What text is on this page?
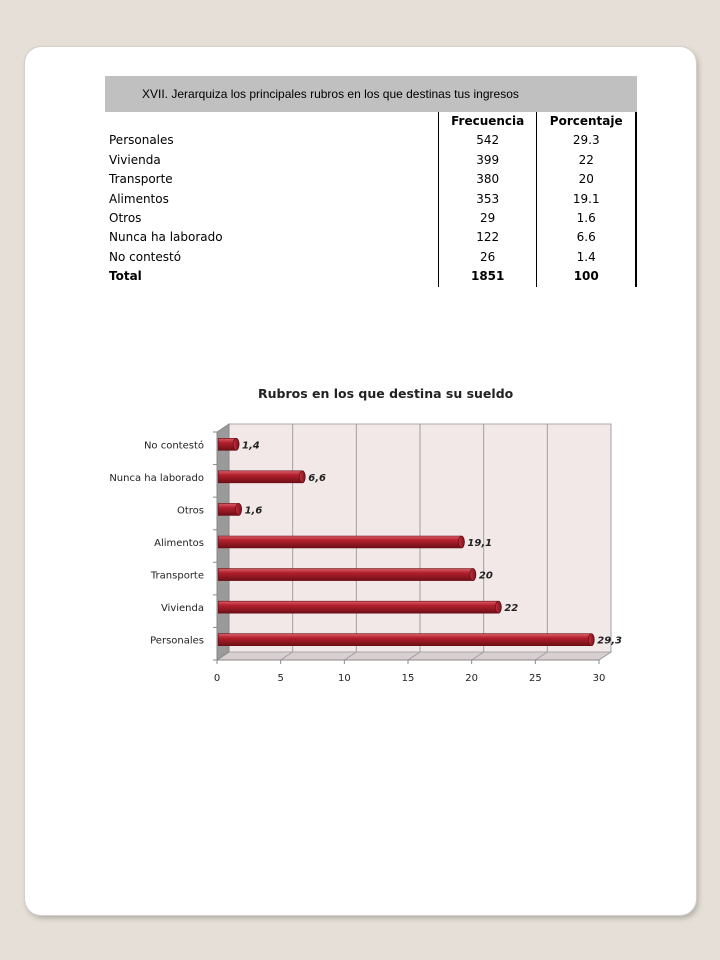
XVII. Jerarquiza los principales rubros en los que destinas tus ingresos
	Frecuencia	Porcentaje
Personales	542	29.3
Vivienda	399	22
Transporte	380	20
Alimentos	353	19.1
Otros	29	1.6
Nunca ha laborado	122	6.6
No contestó	26	1.4
Total	1851	100
Rubros en los que destina su sueldo
0	5	10	15	20	25	30
Personales	29,3
Vivienda	22
Transporte	20
Alimentos	19,1
Otros	1,6
Nunca ha laborado	6,6
No contestó	1,4
